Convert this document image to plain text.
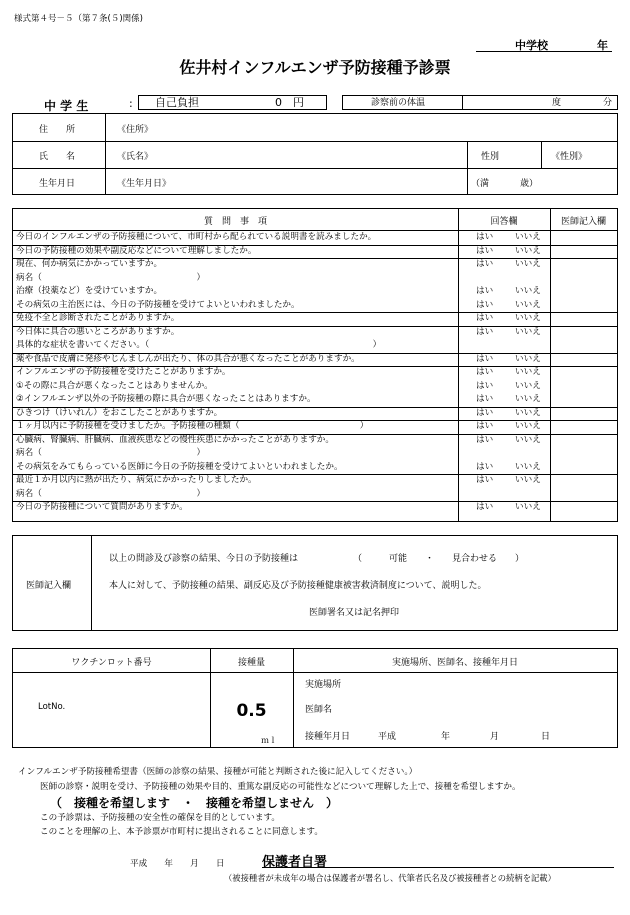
様式第４号－５（第７条(５)関係)
中学校	年
佐井村インフルエンザ予防接種予診票
中 学 生	: 自己負担	0　円	診察前の体温	度	分
住　　所	《住所》
氏　　名	《氏名》	性別	《性別》
生年月日	《生年月日》	（満	歳）
質　問　事　項	回答欄	医師記入欄
今日のインフルエンザの予防接種について、市町村から配られている説明書を読みましたか。	はい	いいえ
今日の予防接種の効果や副反応などについて理解しましたか。	はい	いいえ
現在、何か病気にかかっていますか。	はい	いいえ
病名（　　　　　　　　　　　　　　　　　　）
治療（投薬など）を受けていますか。	はい	いいえ
その病気の主治医には、今日の予防接種を受けてよいといわれましたか。	はい	いいえ
免疫不全と診断されたことがありますか。	はい	いいえ
今日体に具合の悪いところがありますか。	はい	いいえ
具体的な症状を書いてください。（　　　　　　　　　　　　　　　　　　　　　　　　　　）
薬や食品で皮膚に発疹やじんましんが出たり、体の具合が悪くなったことがありますか。	はい	いいえ
インフルエンザの予防接種を受けたことがありますか。	はい	いいえ
①その際に具合が悪くなったことはありませんか。	はい	いいえ
②インフルエンザ以外の予防接種の際に具合が悪くなったことはありますか。	はい	いいえ
ひきつけ（けいれん）をおこしたことがありますか。	はい	いいえ
１ヶ月以内に予防接種を受けましたか。予防接種の種類（　　　　　　　　　　　　　　）	はい	いいえ
心臓病、腎臓病、肝臓病、血液疾患などの慢性疾患にかかったことがありますか。	はい	いいえ
病名（　　　　　　　　　　　　　　　　　　）
その病気をみてもらっている医師に今日の予防接種を受けてよいといわれましたか。	はい	いいえ
最近１か月以内に熱が出たり、病気にかかったりしましたか。	はい	いいえ
病名（　　　　　　　　　　　　　　　　　　）
今日の予防接種について質問がありますか。	はい	いいえ
医師記入欄
以上の問診及び診察の結果、今日の予防接種は	（　　　可能　　・　　見合わせる　　）
本人に対して、予防接種の結果、副反応及び予防接種健康被害救済制度について、説明した。
医師署名又は記名押印
ワクチンロット番号	接種量	実施場所、医師名、接種年月日
LotNo.	0.5
ｍｌ
実施場所
医師名
接種年月日	平成	年	月	日
インフルエンザ予防接種希望書（医師の診察の結果、接種が可能と判断された後に記入してください。）
医師の診察・説明を受け、予防接種の効果や目的、重篤な副反応の可能性などについて理解した上で、接種を希望しますか。
（　接種を希望します　・　接種を希望しません　）
この予診票は、予防接種の安全性の確保を目的としています。
このことを理解の上、本予診票が市町村に提出されることに同意します。
平成　　年　　月　　日	保護者自署
（被接種者が未成年の場合は保護者が署名し、代筆者氏名及び被接種者との続柄を記載）
